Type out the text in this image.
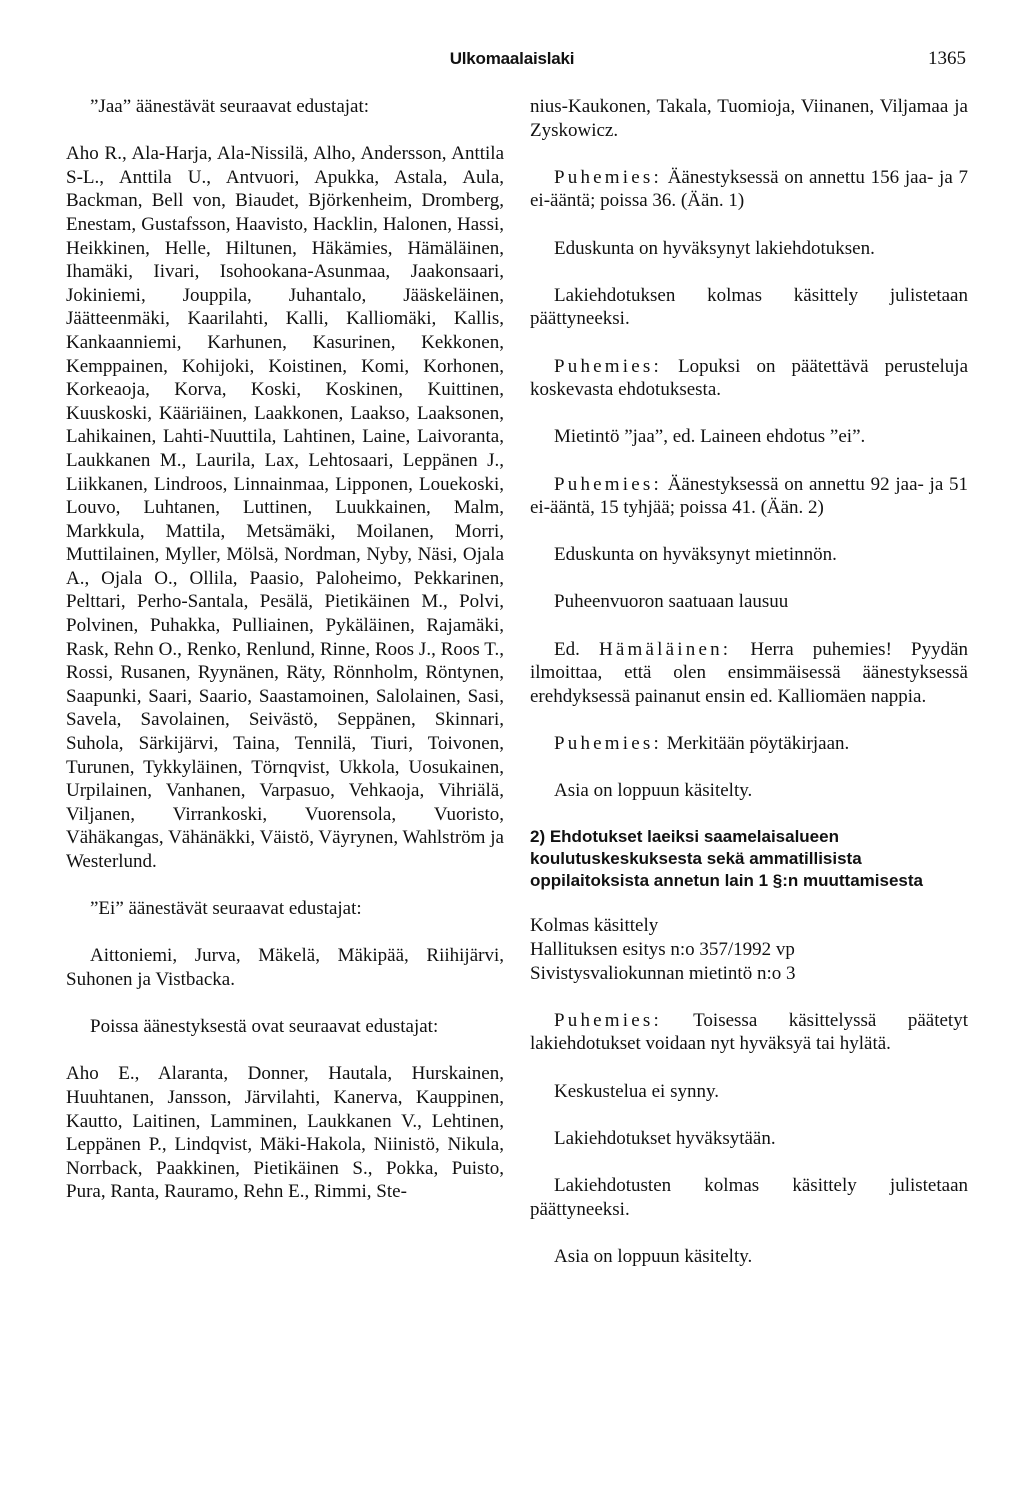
Ulkomaalaislaki	1365

”Jaa” äänestävät seuraavat edustajat:

Aho R., Ala-Harja, Ala-Nissilä, Alho, Andersson, Anttila S-L., Anttila U., Antvuori, Apukka, Astala, Aula, Backman, Bell von, Biaudet, Björkenheim, Dromberg, Enestam, Gustafsson, Haavisto, Hacklin, Halonen, Hassi, Heikkinen, Helle, Hiltunen, Häkämies, Hämäläinen, Ihamäki, Iivari, Isohookana-Asunmaa, Jaakonsaari, Jokiniemi, Jouppila, Juhantalo, Jääskeläinen, Jäätteenmäki, Kaarilahti, Kalli, Kalliomäki, Kallis, Kankaanniemi, Karhunen, Kasurinen, Kekkonen, Kemppainen, Kohijoki, Koistinen, Komi, Korhonen, Korkeaoja, Korva, Koski, Koskinen, Kuittinen, Kuuskoski, Kääriäinen, Laakkonen, Laakso, Laaksonen, Lahikainen, Lahti-Nuuttila, Lahtinen, Laine, Laivoranta, Laukkanen M., Laurila, Lax, Lehtosaari, Leppänen J., Liikkanen, Lindroos, Linnainmaa, Lipponen, Louekoski, Louvo, Luhtanen, Luttinen, Luukkainen, Malm, Markkula, Mattila, Metsämäki, Moilanen, Morri, Muttilainen, Myller, Mölsä, Nordman, Nyby, Näsi, Ojala A., Ojala O., Ollila, Paasio, Paloheimo, Pekkarinen, Pelttari, Perho-Santala, Pesälä, Pietikäinen M., Polvi, Polvinen, Puhakka, Pulliainen, Pykäläinen, Rajamäki, Rask, Rehn O., Renko, Renlund, Rinne, Roos J., Roos T., Rossi, Rusanen, Ryynänen, Räty, Rönnholm, Röntynen, Saapunki, Saari, Saario, Saastamoinen, Salolainen, Sasi, Savela, Savolainen, Seivästö, Seppänen, Skinnari, Suhola, Särkijärvi, Taina, Tennilä, Tiuri, Toivonen, Turunen, Tykkyläinen, Törnqvist, Ukkola, Uosukainen, Urpilainen, Vanhanen, Varpasuo, Vehkaoja, Vihriälä, Viljanen, Virrankoski, Vuorensola, Vuoristo, Vähäkangas, Vähänäkki, Väistö, Väyrynen, Wahlström ja Westerlund.

”Ei” äänestävät seuraavat edustajat:

Aittoniemi, Jurva, Mäkelä, Mäkipää, Riihijärvi, Suhonen ja Vistbacka.

Poissa äänestyksestä ovat seuraavat edustajat:

Aho E., Alaranta, Donner, Hautala, Hurskainen, Huuhtanen, Jansson, Järvilahti, Kanerva, Kauppinen, Kautto, Laitinen, Lamminen, Laukkanen V., Lehtinen, Leppänen P., Lindqvist, Mäki-Hakola, Niinistö, Nikula, Norrback, Paakkinen, Pietikäinen S., Pokka, Puisto, Pura, Ranta, Rauramo, Rehn E., Rimmi, Ste-

nius-Kaukonen, Takala, Tuomioja, Viinanen, Viljamaa ja Zyskowicz.

Puhemies: Äänestyksessä on annettu 156 jaa- ja 7 ei-ääntä; poissa 36. (Ään. 1)

Eduskunta on hyväksynyt lakiehdotuksen.

Lakiehdotuksen kolmas käsittely julistetaan päättyneeksi.

Puhemies: Lopuksi on päätettävä perusteluja koskevasta ehdotuksesta.

Mietintö ”jaa”, ed. Laineen ehdotus ”ei”.

Puhemies: Äänestyksessä on annettu 92 jaa- ja 51 ei-ääntä, 15 tyhjää; poissa 41. (Ään. 2)

Eduskunta on hyväksynyt mietinnön.

Puheenvuoron saatuaan lausuu

Ed. Hämäläinen: Herra puhemies! Pyydän ilmoittaa, että olen ensimmäisessä äänestyksessä erehdyksessä painanut ensin ed. Kalliomäen nappia.

Puhemies: Merkitään pöytäkirjaan.

Asia on loppuun käsitelty.

2) Ehdotukset laeiksi saamelaisalueen koulutuskeskuksesta sekä ammatillisista oppilaitoksista annetun lain 1 §:n muuttamisesta
Kolmas käsittely
Hallituksen esitys n:o 357/1992 vp
Sivistysvaliokunnan mietintö n:o 3

Puhemies: Toisessa käsittelyssä päätetyt lakiehdotukset voidaan nyt hyväksyä tai hylätä.

Keskustelua ei synny.

Lakiehdotukset hyväksytään.

Lakiehdotusten kolmas käsittely julistetaan päättyneeksi.

Asia on loppuun käsitelty.
